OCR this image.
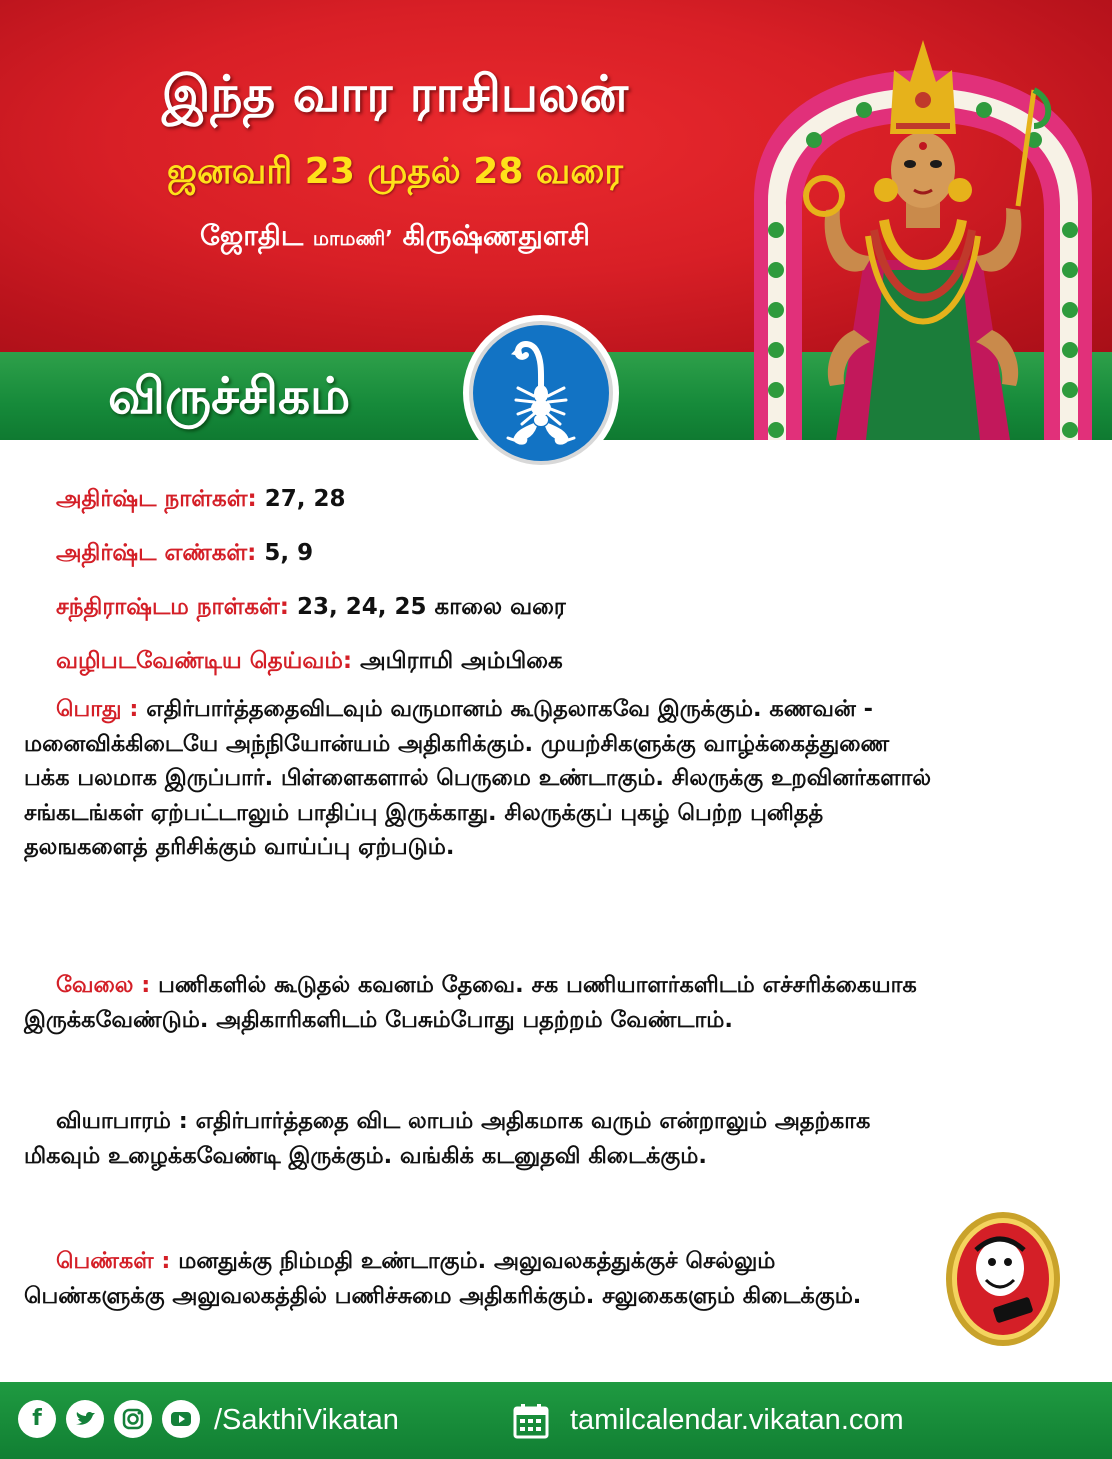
இந்த வார ராசிபலன்
ஜனவரி 23 முதல் 28 வரை
ஜோதிட மாமணி’ கிருஷ்ணதுளசி
விருச்சிகம்
அதிர்ஷ்ட நாள்கள்: 27, 28
அதிர்ஷ்ட எண்கள்: 5, 9
சந்திராஷ்டம நாள்கள்: 23, 24, 25 காலை வரை
வழிபடவேண்டிய தெய்வம்: அபிராமி அம்பிகை
பொது : எதிர்பார்த்ததைவிடவும் வருமானம் கூடுதலாகவே இருக்கும். கணவன் - மனைவிக்கிடையே அந்நியோன்யம் அதிகரிக்கும். முயற்சிகளுக்கு வாழ்க்கைத்துணை பக்க பலமாக இருப்பார். பிள்ளைகளால் பெருமை உண்டாகும். சிலருக்கு உறவினர்களால் சங்கடங்கள் ஏற்பட்டாலும் பாதிப்பு இருக்காது. சிலருக்குப் புகழ் பெற்ற புனிதத் தலஙகளைத் தரிசிக்கும் வாய்ப்பு ஏற்படும்.
வேலை : பணிகளில் கூடுதல் கவனம் தேவை. சக பணியாளர்களிடம் எச்சரிக்கையாக இருக்கவேண்டும். அதிகாரிகளிடம் பேசும்போது பதற்றம் வேண்டாம்.
வியாபாரம் : எதிர்பார்த்ததை விட லாபம் அதிகமாக வரும் என்றாலும் அதற்காக மிகவும் உழைக்கவேண்டி இருக்கும். வங்கிக் கடனுதவி கிடைக்கும்.
பெண்கள் : மனதுக்கு நிம்மதி உண்டாகும். அலுவலகத்துக்குச் செல்லும் பெண்களுக்கு அலுவலகத்தில் பணிச்சுமை அதிகரிக்கும். சலுகைகளும் கிடைக்கும்.
f	/SakthiVikatan	tamilcalendar.vikatan.com
